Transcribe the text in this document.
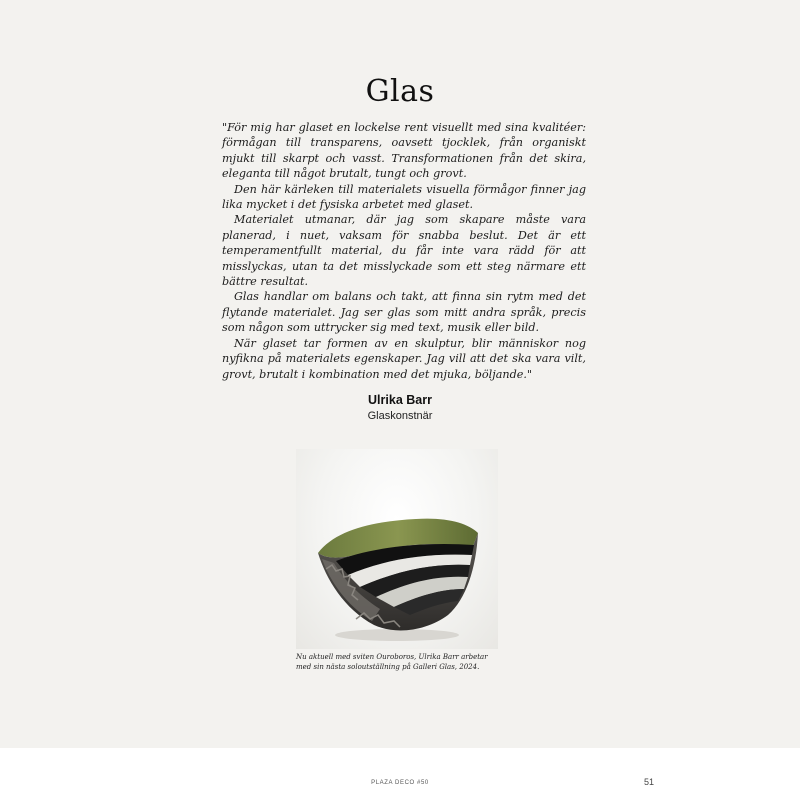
Glas

"För mig har glaset en lockelse rent visuellt med sina kvalitéer: förmågan till transparens, oavsett tjocklek, från organiskt mjukt till skarpt och vasst. Transformationen från det skira, eleganta till något brutalt, tungt och grovt.

Den här kärleken till materialets visuella förmågor finner jag lika mycket i det fysiska arbetet med glaset.

Materialet utmanar, där jag som skapare måste vara planerad, i nuet, vaksam för snabba beslut. Det är ett temperamentfullt material, du får inte vara rädd för att misslyckas, utan ta det misslyckade som ett steg närmare ett bättre resultat.

Glas handlar om balans och takt, att finna sin rytm med det flytande materialet. Jag ser glas som mitt andra språk, precis som någon som uttrycker sig med text, musik eller bild.

När glaset tar formen av en skulptur, blir människor nog nyfikna på materialets egenskaper. Jag vill att det ska vara vilt, grovt, brutalt i kombination med det mjuka, böljande."

Ulrika Barr
Glaskonstnär
Nu aktuell med sviten Ouroboros, Ulrika Barr arbetar med sin nästa soloutställning på Galleri Glas, 2024.
PLAZA DECO #50	51
